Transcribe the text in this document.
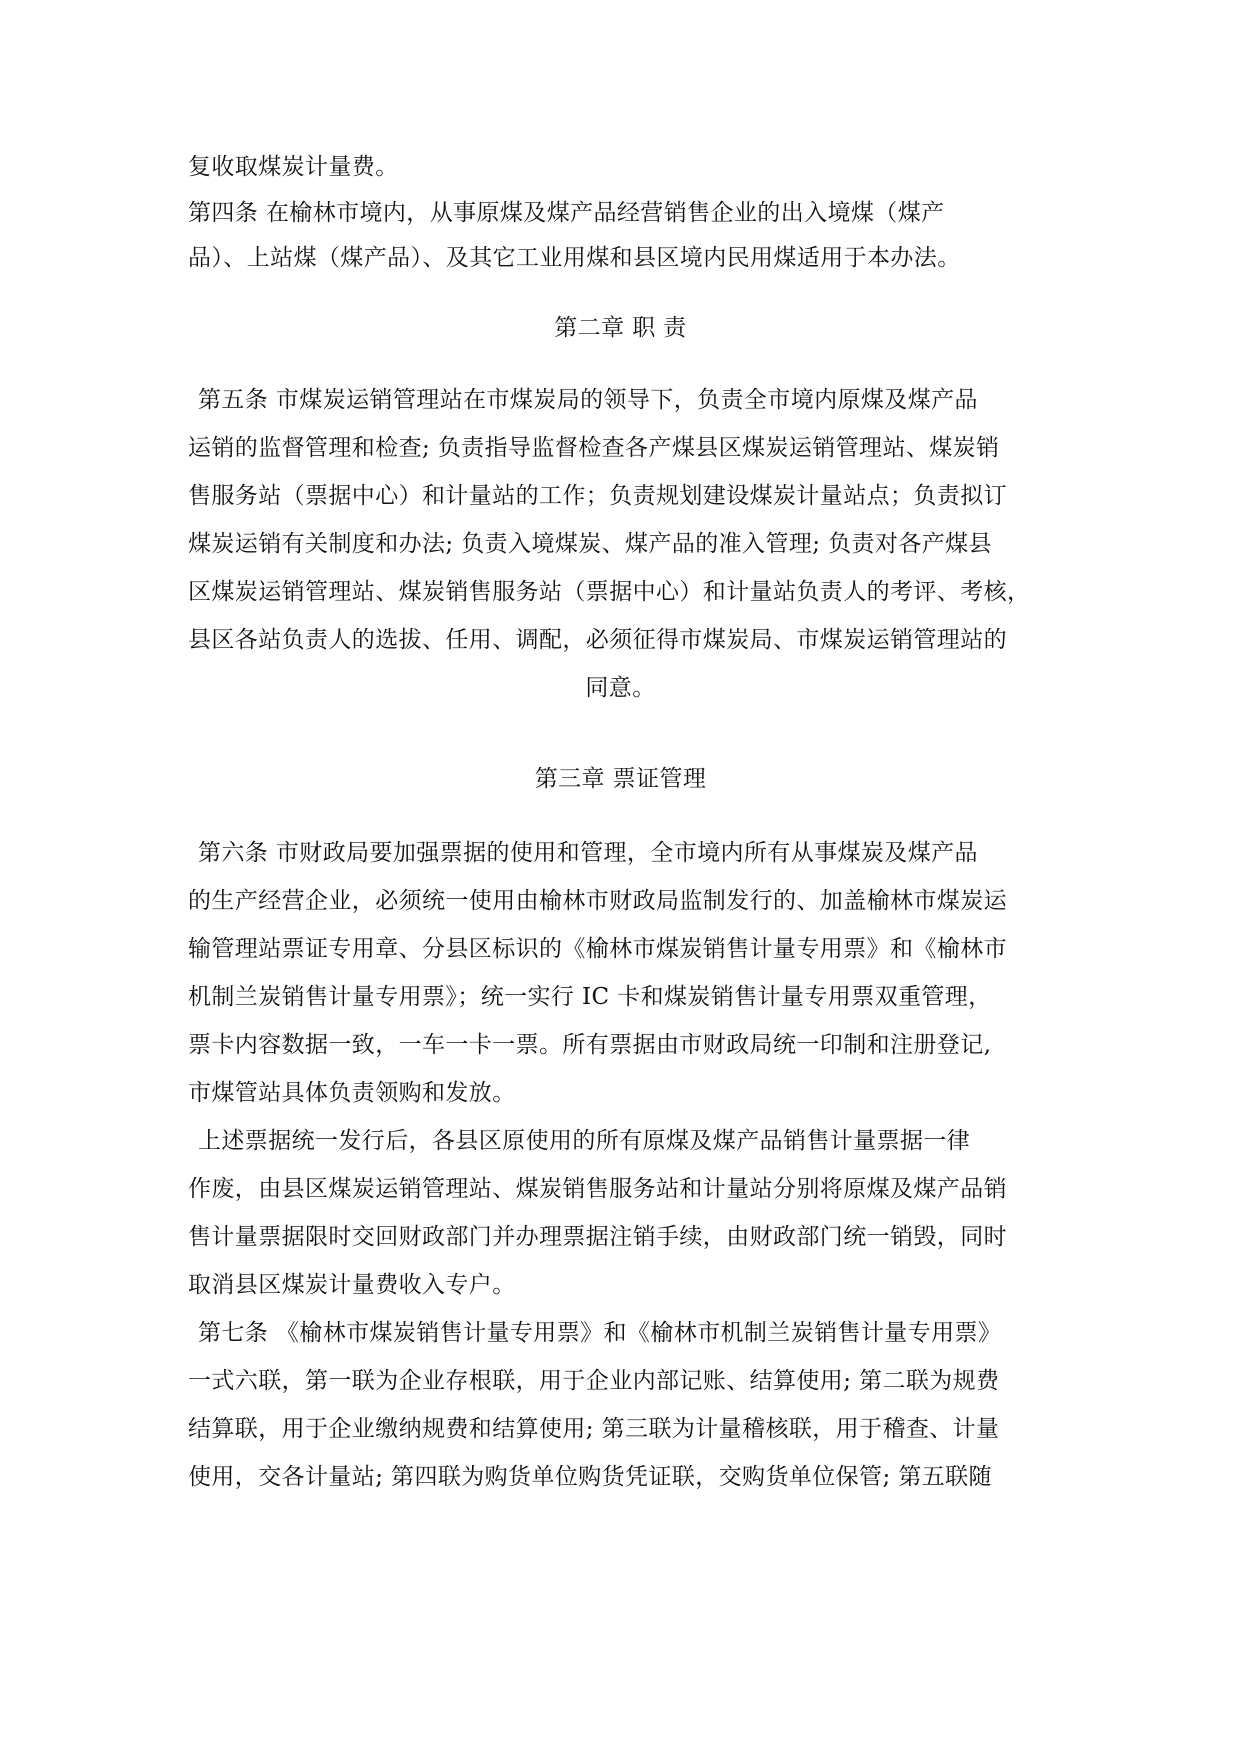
复收取煤炭计量费。
第四条 在榆林市境内，从事原煤及煤产品经营销售企业的出入境煤（煤产
品）、上站煤（煤产品）、及其它工业用煤和县区境内民用煤适用于本办法。
第二章 职 责
第五条 市煤炭运销管理站在市煤炭局的领导下，负责全市境内原煤及煤产品
运销的监督管理和检查; 负责指导监督检查各产煤县区煤炭运销管理站、煤炭销
售服务站（票据中心）和计量站的工作；负责规划建设煤炭计量站点；负责拟订
煤炭运销有关制度和办法; 负责入境煤炭、煤产品的准入管理; 负责对各产煤县
区煤炭运销管理站、煤炭销售服务站（票据中心）和计量站负责人的考评、考核，
县区各站负责人的选拔、任用、调配，必须征得市煤炭局、市煤炭运销管理站的
同意。
第三章 票证管理
第六条 市财政局要加强票据的使用和管理，全市境内所有从事煤炭及煤产品
的生产经营企业，必须统一使用由榆林市财政局监制发行的、加盖榆林市煤炭运
输管理站票证专用章、分县区标识的《榆林市煤炭销售计量专用票》和《榆林市
机制兰炭销售计量专用票》；统一实行 IC 卡和煤炭销售计量专用票双重管理，
票卡内容数据一致，一车一卡一票。所有票据由市财政局统一印制和注册登记,
市煤管站具体负责领购和发放。
上述票据统一发行后，各县区原使用的所有原煤及煤产品销售计量票据一律
作废，由县区煤炭运销管理站、煤炭销售服务站和计量站分别将原煤及煤产品销
售计量票据限时交回财政部门并办理票据注销手续，由财政部门统一销毁，同时
取消县区煤炭计量费收入专户。
第七条 《榆林市煤炭销售计量专用票》和《榆林市机制兰炭销售计量专用票》
一式六联，第一联为企业存根联，用于企业内部记账、结算使用; 第二联为规费
结算联，用于企业缴纳规费和结算使用; 第三联为计量稽核联，用于稽查、计量
使用，交各计量站; 第四联为购货单位购货凭证联，交购货单位保管; 第五联随
